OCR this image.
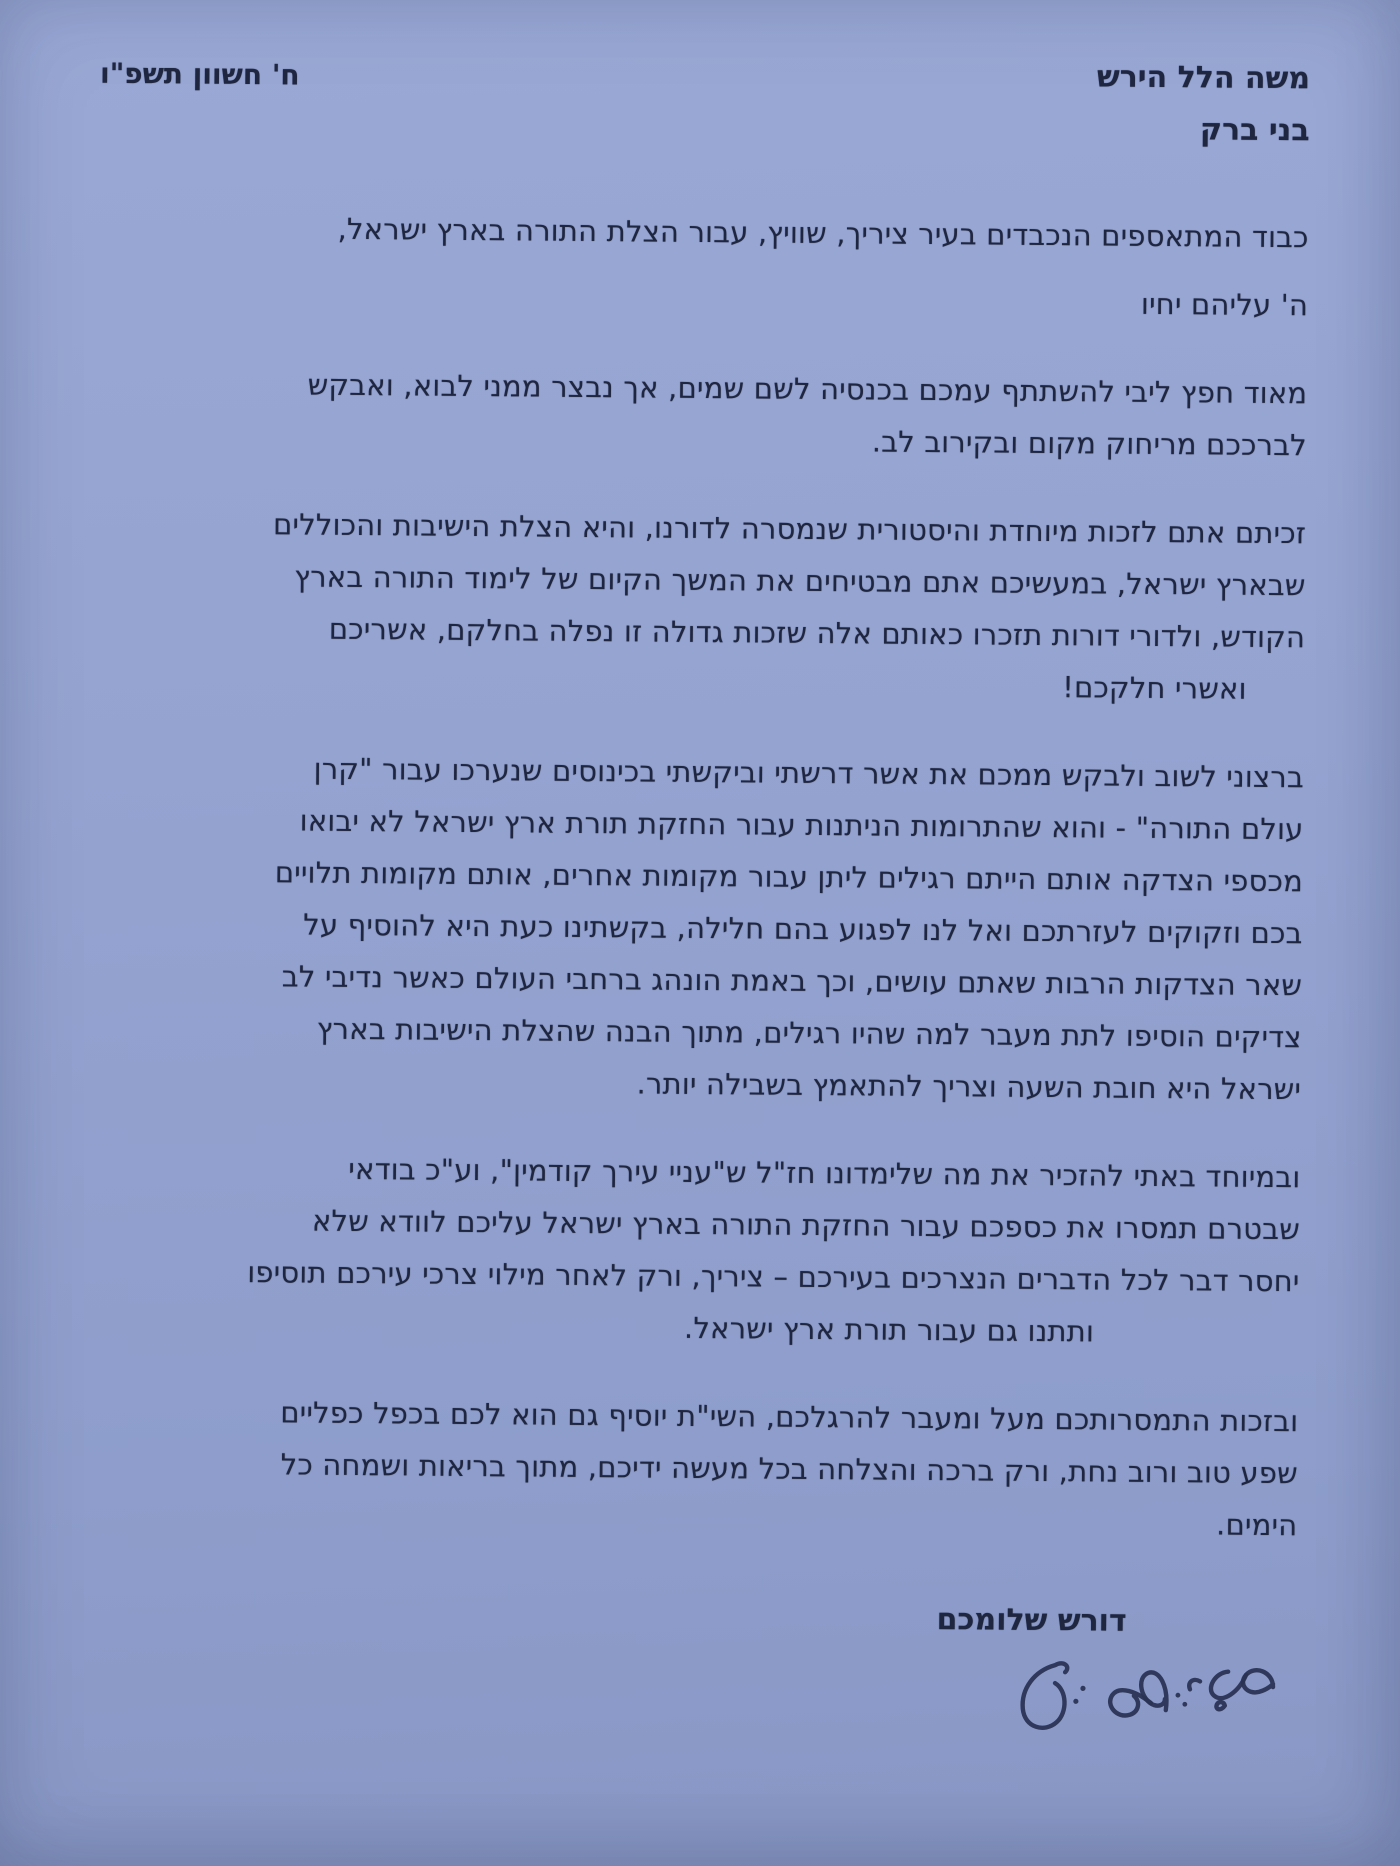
משה הלל הירש
בני ברק
ח' חשוון תשפ"ו
כבוד המתאספים הנכבדים בעיר ציריך, שוויץ, עבור הצלת התורה בארץ ישראל,
ה' עליהם יחיו
מאוד חפץ ליבי להשתתף עמכם בכנסיה לשם שמים, אך נבצר ממני לבוא, ואבקש
לברככם מריחוק מקום ובקירוב לב.
זכיתם אתם לזכות מיוחדת והיסטורית שנמסרה לדורנו, והיא הצלת הישיבות והכוללים
שבארץ ישראל, במעשיכם אתם מבטיחים את המשך הקיום של לימוד התורה בארץ
הקודש, ולדורי דורות תזכרו כאותם אלה שזכות גדולה זו נפלה בחלקם, אשריכם
ואשרי חלקכם!
ברצוני לשוב ולבקש ממכם את אשר דרשתי וביקשתי בכינוסים שנערכו עבור "קרן
עולם התורה" - והוא שהתרומות הניתנות עבור החזקת תורת ארץ ישראל לא יבואו
מכספי הצדקה אותם הייתם רגילים ליתן עבור מקומות אחרים, אותם מקומות תלויים
בכם וזקוקים לעזרתכם ואל לנו לפגוע בהם חלילה, בקשתינו כעת היא להוסיף על
שאר הצדקות הרבות שאתם עושים, וכך באמת הונהג ברחבי העולם כאשר נדיבי לב
צדיקים הוסיפו לתת מעבר למה שהיו רגילים, מתוך הבנה שהצלת הישיבות בארץ
ישראל היא חובת השעה וצריך להתאמץ בשבילה יותר.
ובמיוחד באתי להזכיר את מה שלימדונו חז"ל ש"עניי עירך קודמין", וע"כ בודאי
שבטרם תמסרו את כספכם עבור החזקת התורה בארץ ישראל עליכם לוודא שלא
יחסר דבר לכל הדברים הנצרכים בעירכם – ציריך, ורק לאחר מילוי צרכי עירכם תוסיפו
ותתנו גם עבור תורת ארץ ישראל.
ובזכות התמסרותכם מעל ומעבר להרגלכם, השי"ת יוסיף גם הוא לכם בכפל כפליים
שפע טוב ורוב נחת, ורק ברכה והצלחה בכל מעשה ידיכם, מתוך בריאות ושמחה כל
הימים.
דורש שלומכם
